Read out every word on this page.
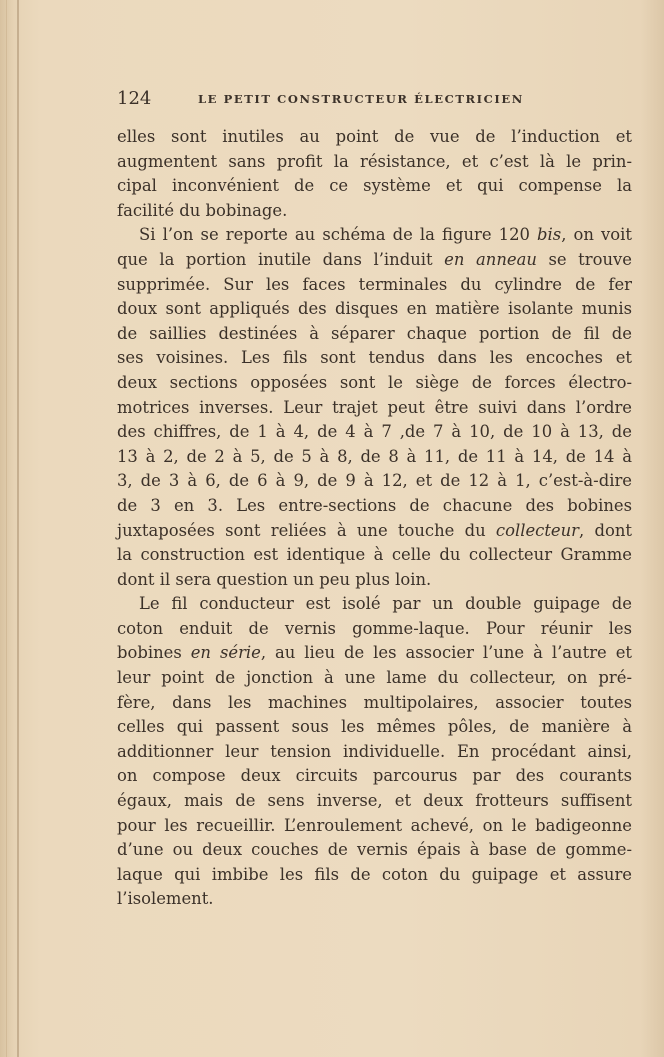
124	LE PETIT CONSTRUCTEUR ÉLECTRICIEN
elles sont inutiles au point de vue de l’induction et
augmentent sans profit la résistance, et c’est là le prin-
cipal inconvénient de ce système et qui compense la
facilité du bobinage.
Si l’on se reporte au schéma de la figure 120 bis, on voit
que la portion inutile dans l’induit en anneau se trouve
supprimée. Sur les faces terminales du cylindre de fer
doux sont appliqués des disques en matière isolante munis
de saillies destinées à séparer chaque portion de fil de
ses voisines. Les fils sont tendus dans les encoches et
deux sections opposées sont le siège de forces électro-
motrices inverses. Leur trajet peut être suivi dans l’ordre
des chiffres, de 1 à 4, de 4 à 7 ,de 7 à 10, de 10 à 13, de
13 à 2, de 2 à 5, de 5 à 8, de 8 à 11, de 11 à 14, de 14 à
3, de 3 à 6, de 6 à 9, de 9 à 12, et de 12 à 1, c’est-à-dire
de 3 en 3. Les entre-sections de chacune des bobines
juxtaposées sont reliées à une touche du collecteur, dont
la construction est identique à celle du collecteur Gramme
dont il sera question un peu plus loin.
Le fil conducteur est isolé par un double guipage de
coton enduit de vernis gomme-laque. Pour réunir les
bobines en série, au lieu de les associer l’une à l’autre et
leur point de jonction à une lame du collecteur, on pré-
fère, dans les machines multipolaires, associer toutes
celles qui passent sous les mêmes pôles, de manière à
additionner leur tension individuelle. En procédant ainsi,
on compose deux circuits parcourus par des courants
égaux, mais de sens inverse, et deux frotteurs suffisent
pour les recueillir. L’enroulement achevé, on le badigeonne
d’une ou deux couches de vernis épais à base de gomme-
laque qui imbibe les fils de coton du guipage et assure
l’isolement.
